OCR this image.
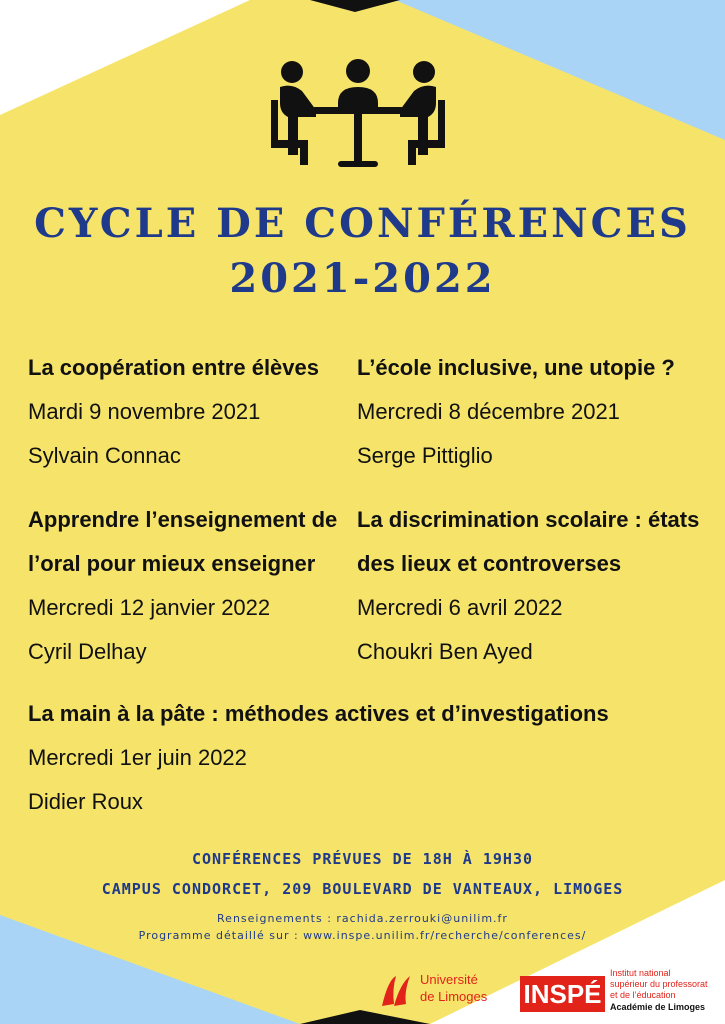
CYCLE DE CONFÉRENCES
2021-2022
La coopération entre élèves
Mardi 9 novembre 2021
Sylvain Connac
L’école inclusive, une utopie ?
Mercredi 8 décembre 2021
Serge Pittiglio
Apprendre l’enseignement de
l’oral pour mieux enseigner
Mercredi 12 janvier 2022
Cyril Delhay
La discrimination scolaire : états
des lieux et controverses
Mercredi 6 avril 2022
Choukri Ben Ayed
La main à la pâte : méthodes actives et d’investigations
Mercredi 1er juin 2022
Didier Roux
CONFÉRENCES PRÉVUES DE 18H À 19H30
CAMPUS CONDORCET, 209 BOULEVARD DE VANTEAUX, LIMOGES
Renseignements : rachida.zerrouki@unilim.fr
Programme détaillé sur : www.inspe.unilim.fr/recherche/conferences/
Université
de Limoges INSPÉ
Institut national
supérieur du professorat
et de l’éducation
Académie de Limoges
